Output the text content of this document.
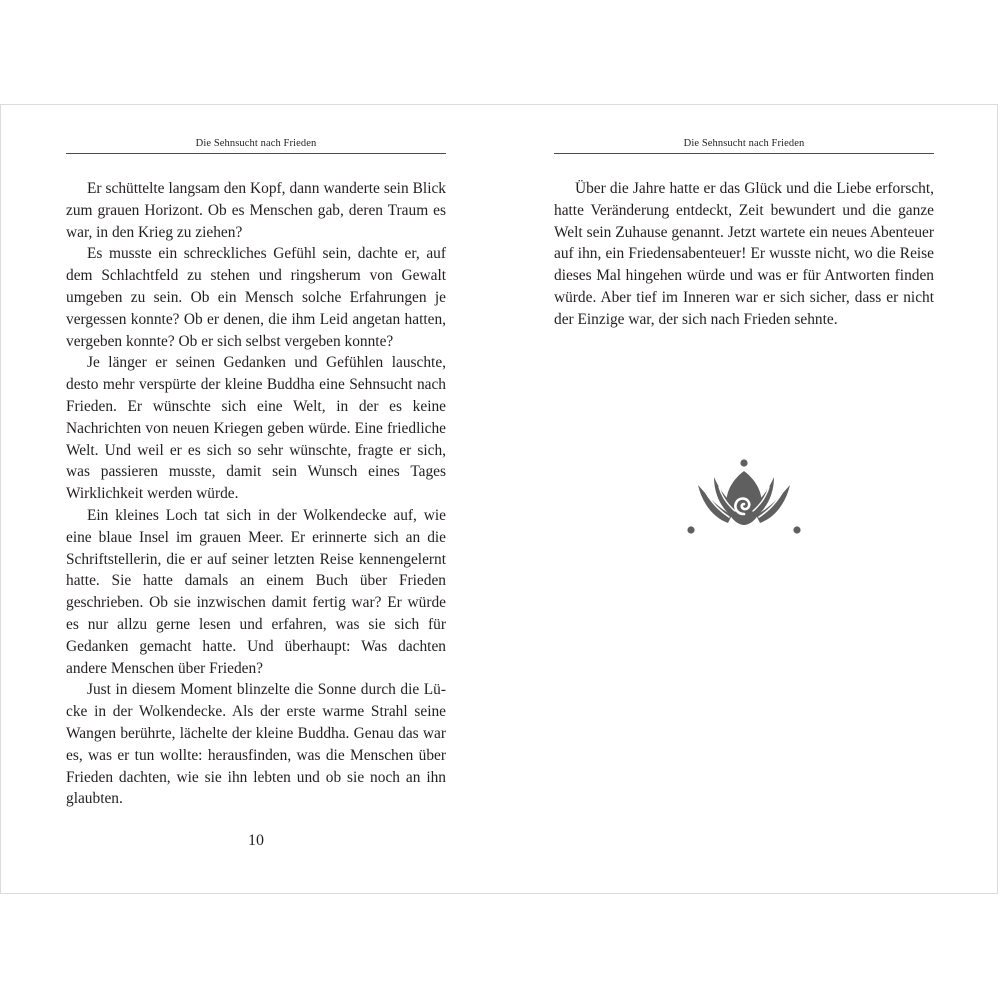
Die Sehnsucht nach Frieden

Er schüttelte langsam den Kopf, dann wanderte sein Blick zum grauen Horizont. Ob es Menschen gab, deren Traum es war, in den Krieg zu ziehen?

Es musste ein schreckliches Gefühl sein, dachte er, auf dem Schlachtfeld zu stehen und ringsherum von Gewalt umgeben zu sein. Ob ein Mensch solche Erfahrungen je vergessen konnte? Ob er denen, die ihm Leid angetan hatten, vergeben konnte? Ob er sich selbst vergeben konnte?

Je länger er seinen Gedanken und Gefühlen lauschte, desto mehr verspürte der kleine Buddha eine Sehnsucht nach Frieden. Er wünschte sich eine Welt, in der es keine Nachrichten von neuen Kriegen geben würde. Eine friedliche Welt. Und weil er es sich so sehr wünschte, fragte er sich, was passieren musste, damit sein Wunsch eines Tages Wirklichkeit werden würde.

Ein kleines Loch tat sich in der Wolkendecke auf, wie eine blaue Insel im grauen Meer. Er erinnerte sich an die Schriftstellerin, die er auf seiner letzten Reise kennengelernt hatte. Sie hatte damals an einem Buch über Frieden geschrieben. Ob sie inzwischen damit fertig war? Er würde es nur allzu gerne lesen und erfahren, was sie sich für Gedanken gemacht hatte. Und überhaupt: Was dachten andere Menschen über Frieden?

Just in diesem Moment blinzelte die Sonne durch die Lücke in der Wolkendecke. Als der erste warme Strahl seine Wangen berührte, lächelte der kleine Buddha. Genau das war es, was er tun wollte: herausfinden, was die Menschen über Frieden dachten, wie sie ihn lebten und ob sie noch an ihn glaubten.

10
Die Sehnsucht nach Frieden

Über die Jahre hatte er das Glück und die Liebe erforscht, hatte Veränderung entdeckt, Zeit bewundert und die ganze Welt sein Zuhause genannt. Jetzt wartete ein neues Abenteuer auf ihn, ein Friedensabenteuer! Er wusste nicht, wo die Reise dieses Mal hingehen würde und was er für Antworten finden würde. Aber tief im Inneren war er sich sicher, dass er nicht der Einzige war, der sich nach Frieden sehnte.
